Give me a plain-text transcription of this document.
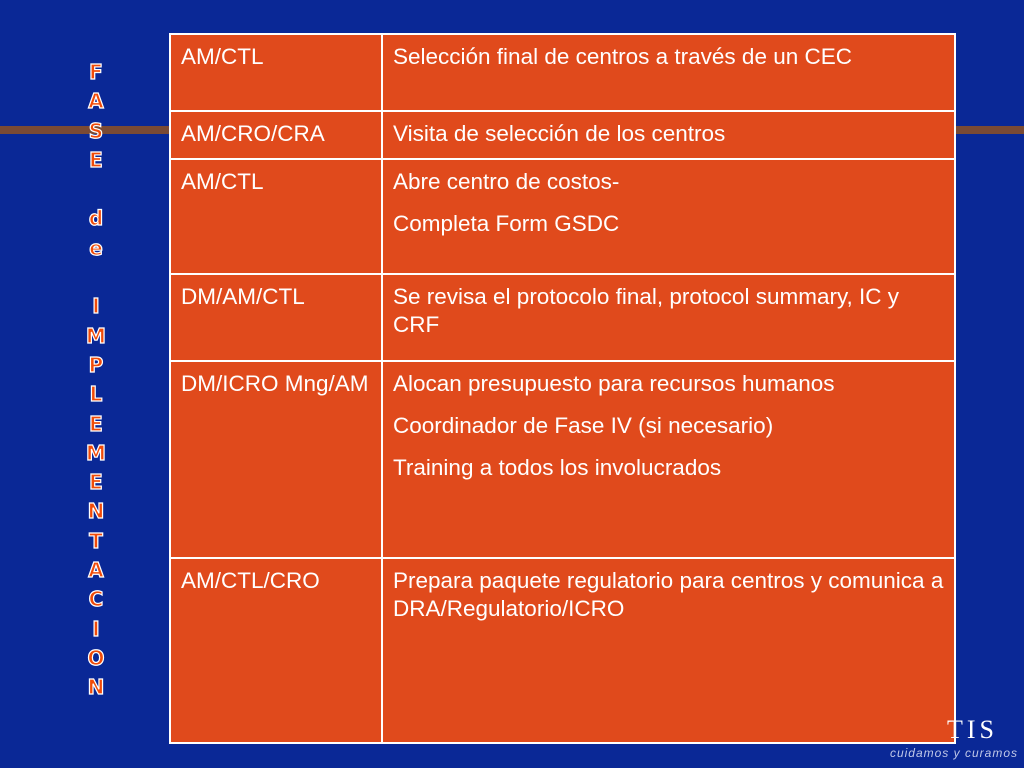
F
A
S
E
d
e
I
M
P
L
E
M
E
N
T
A
C
I
O
N
AM/CTL	Selección final de centros a través de un CEC

AM/CRO/CRA	Visita de selección de los centros

AM/CTL	Abre centro de costos-

Completa Form GSDC

DM/AM/CTL	Se revisa el protocolo final, protocol summary, IC y CRF

DM/ICRO Mng/AM	Alocan presupuesto para recursos humanos

Coordinador de Fase IV (si necesario)

Training a todos los involucrados

AM/CTL/CRO	Prepara paquete regulatorio para centros y comunica a DRA/Regulatorio/ICRO

TIS
cuidamos y curamos
